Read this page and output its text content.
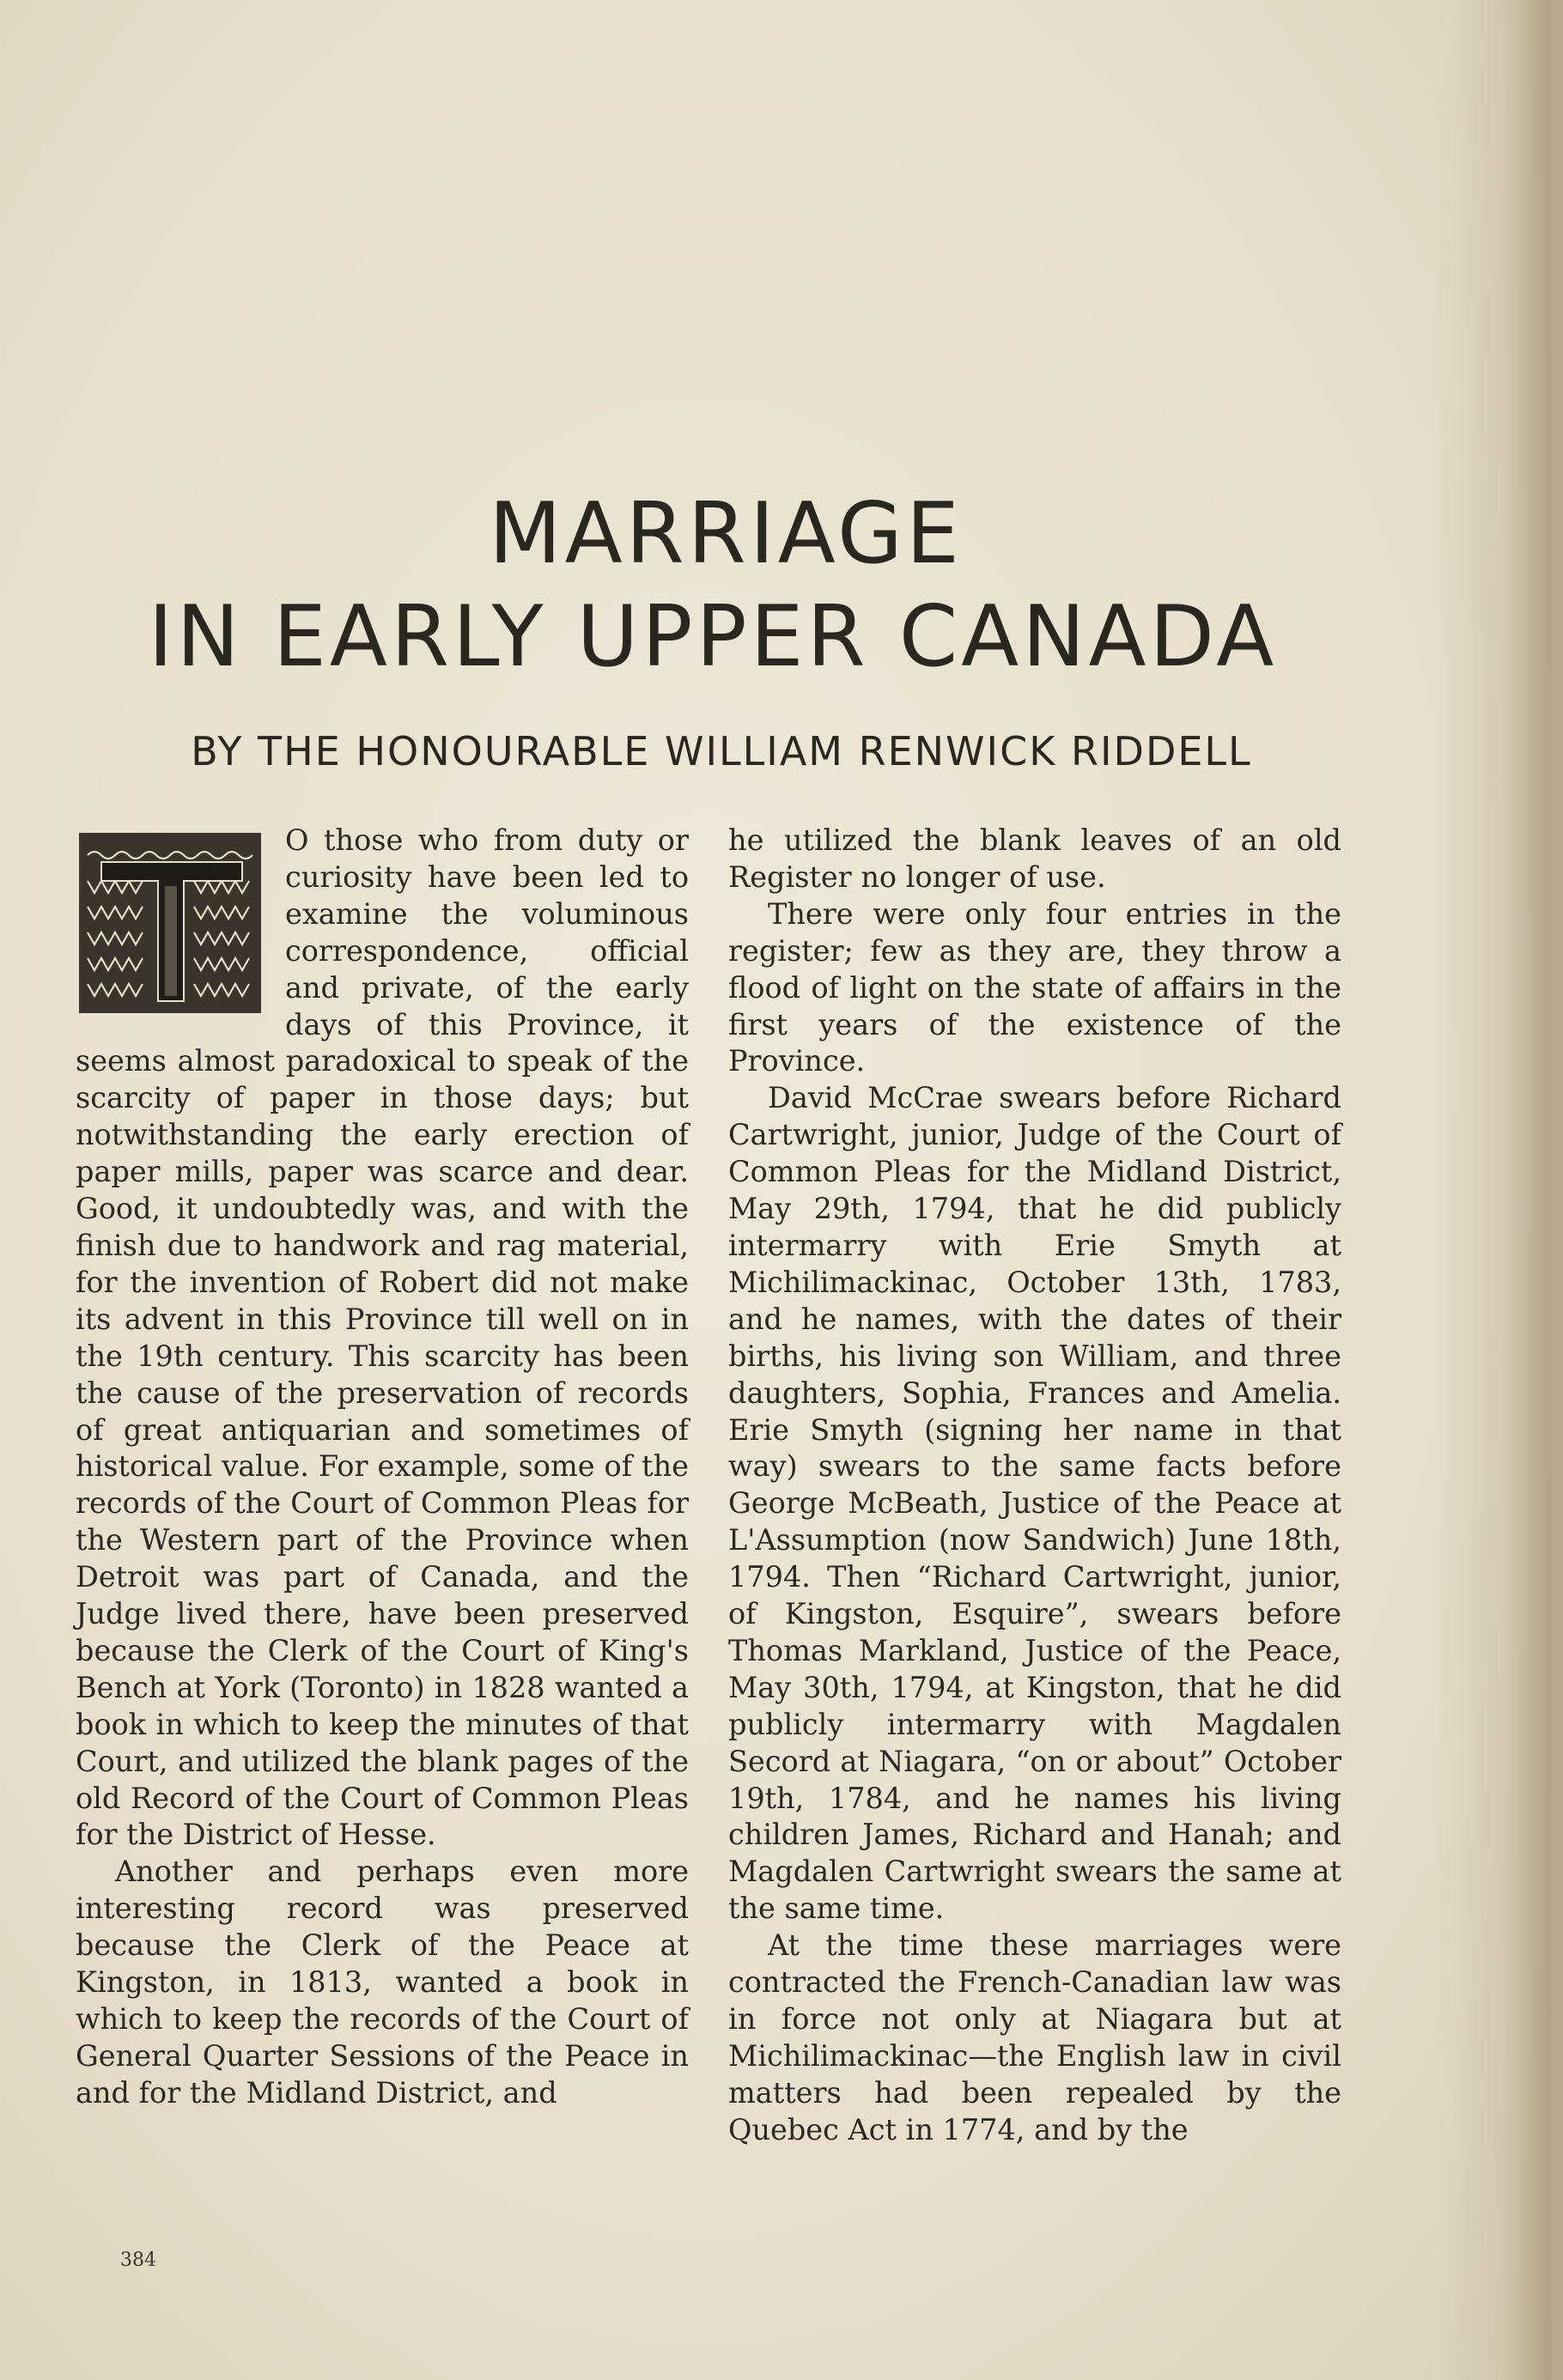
MARRIAGE
IN EARLY UPPER CANADA
BY THE HONOURABLE WILLIAM RENWICK RIDDELL

O those who from duty or curiosity have been led to examine the voluminous correspondence, official and private, of the early days of this Province, it seems almost paradoxical to speak of the scarcity of paper in those days; but notwithstanding the early erection of paper mills, paper was scarce and dear. Good, it undoubtedly was, and with the finish due to handwork and rag material, for the invention of Robert did not make its advent in this Province till well on in the 19th century. This scarcity has been the cause of the preservation of records of great antiquarian and sometimes of historical value. For example, some of the records of the Court of Common Pleas for the Western part of the Province when Detroit was part of Canada, and the Judge lived there, have been preserved because the Clerk of the Court of King's Bench at York (Toronto) in 1828 wanted a book in which to keep the minutes of that Court, and utilized the blank pages of the old Record of the Court of Common Pleas for the District of Hesse.

Another and perhaps even more interesting record was preserved because the Clerk of the Peace at Kingston, in 1813, wanted a book in which to keep the records of the Court of General Quarter Sessions of the Peace in and for the Midland District, and

he utilized the blank leaves of an old Register no longer of use.

There were only four entries in the register; few as they are, they throw a flood of light on the state of affairs in the first years of the existence of the Province.

David McCrae swears before Richard Cartwright, junior, Judge of the Court of Common Pleas for the Midland District, May 29th, 1794, that he did publicly intermarry with Erie Smyth at Michilimackinac, October 13th, 1783, and he names, with the dates of their births, his living son William, and three daughters, Sophia, Frances and Amelia. Erie Smyth (signing her name in that way) swears to the same facts before George McBeath, Justice of the Peace at L'Assumption (now Sandwich) June 18th, 1794. Then “Richard Cartwright, junior, of Kingston, Esquire”, swears before Thomas Markland, Justice of the Peace, May 30th, 1794, at Kingston, that he did publicly intermarry with Magdalen Secord at Niagara, “on or about” October 19th, 1784, and he names his living children James, Richard and Hanah; and Magdalen Cartwright swears the same at the same time.

At the time these marriages were contracted the French-Canadian law was in force not only at Niagara but at Michilimackinac—the English law in civil matters had been repealed by the Quebec Act in 1774, and by the

384
